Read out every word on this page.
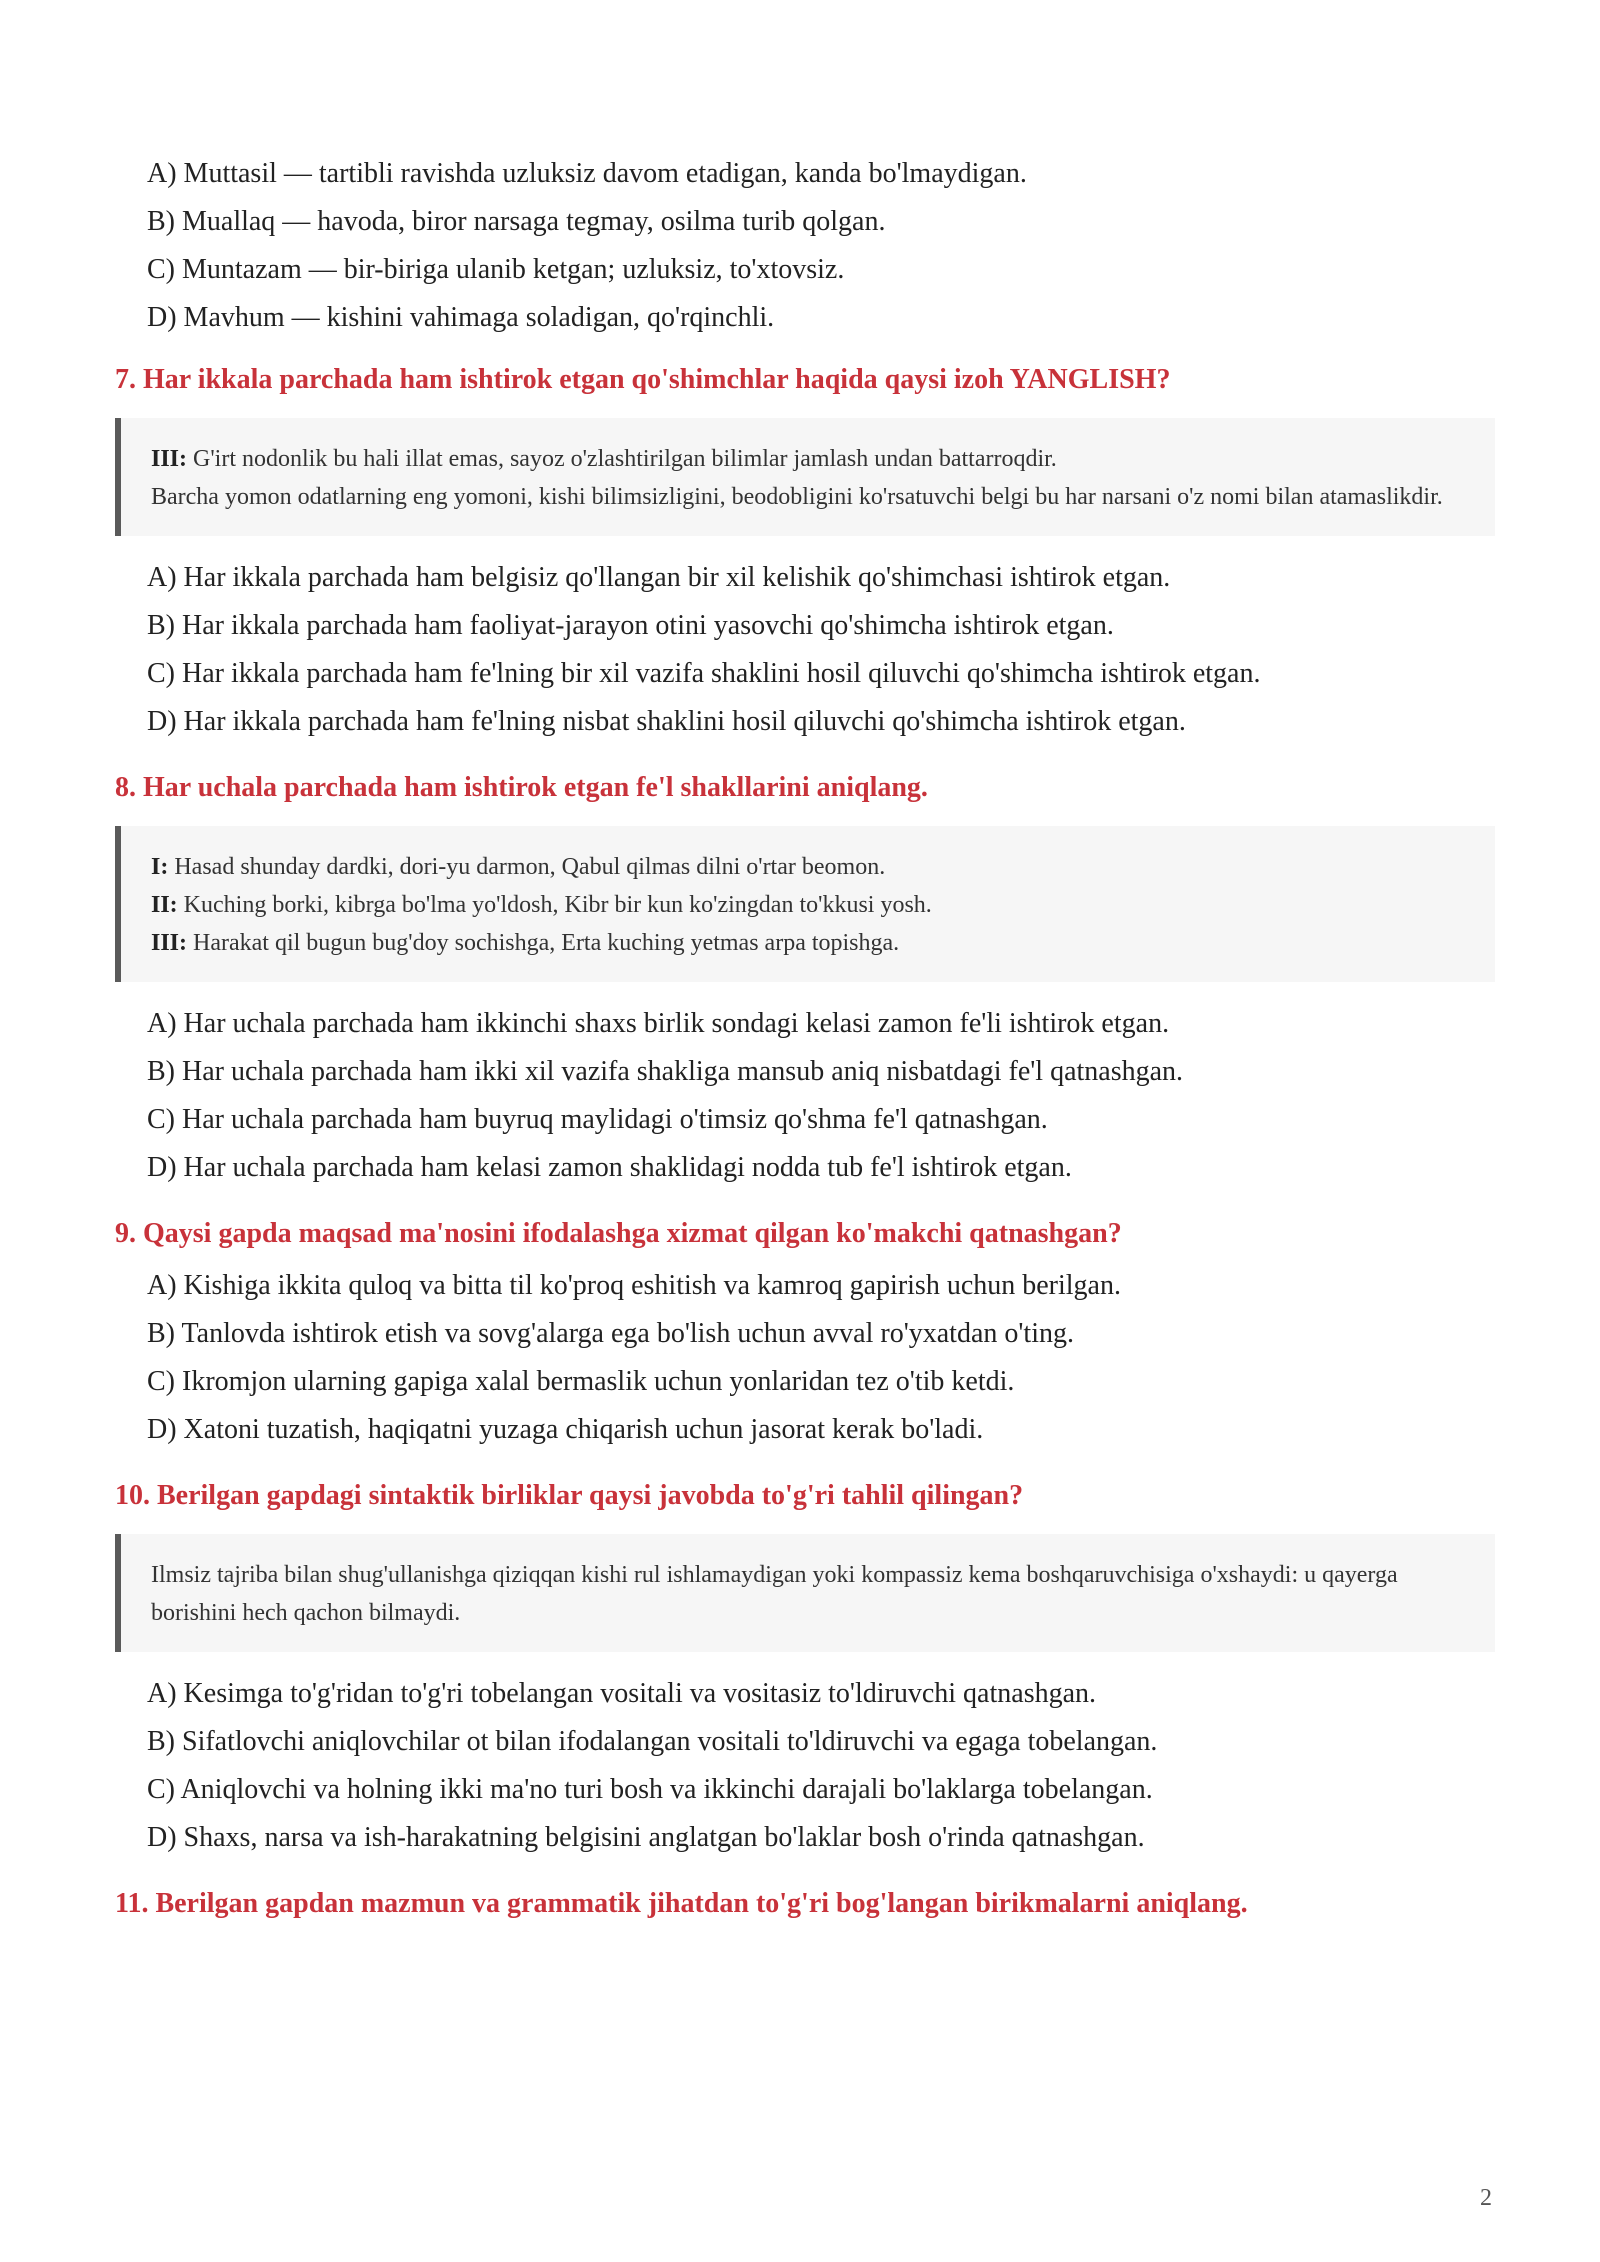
A) Muttasil — tartibli ravishda uzluksiz davom etadigan, kanda bo'lmaydigan.
B) Muallaq — havoda, biror narsaga tegmay, osilma turib qolgan.
C) Muntazam — bir-biriga ulanib ketgan; uzluksiz, to'xtovsiz.
D) Mavhum — kishini vahimaga soladigan, qo'rqinchli.
7. Har ikkala parchada ham ishtirok etgan qo'shimchlar haqida qaysi izoh YANGLISH?
III: G'irt nodonlik bu hali illat emas, sayoz o'zlashtirilgan bilimlar jamlash undan battarroqdir.
Barcha yomon odatlarning eng yomoni, kishi bilimsizligini, beodobligini ko'rsatuvchi belgi bu har narsani o'z nomi bilan atamaslikdir.
A) Har ikkala parchada ham belgisiz qo'llangan bir xil kelishik qo'shimchasi ishtirok etgan.
B) Har ikkala parchada ham faoliyat-jarayon otini yasovchi qo'shimcha ishtirok etgan.
C) Har ikkala parchada ham fe'lning bir xil vazifa shaklini hosil qiluvchi qo'shimcha ishtirok etgan.
D) Har ikkala parchada ham fe'lning nisbat shaklini hosil qiluvchi qo'shimcha ishtirok etgan.
8. Har uchala parchada ham ishtirok etgan fe'l shakllarini aniqlang.
I: Hasad shunday dardki, dori-yu darmon, Qabul qilmas dilni o'rtar beomon.
II: Kuching borki, kibrga bo'lma yo'ldosh, Kibr bir kun ko'zingdan to'kkusi yosh.
III: Harakat qil bugun bug'doy sochishga, Erta kuching yetmas arpa topishga.
A) Har uchala parchada ham ikkinchi shaxs birlik sondagi kelasi zamon fe'li ishtirok etgan.
B) Har uchala parchada ham ikki xil vazifa shakliga mansub aniq nisbatdagi fe'l qatnashgan.
C) Har uchala parchada ham buyruq maylidagi o'timsiz qo'shma fe'l qatnashgan.
D) Har uchala parchada ham kelasi zamon shaklidagi nodda tub fe'l ishtirok etgan.
9. Qaysi gapda maqsad ma'nosini ifodalashga xizmat qilgan ko'makchi qatnashgan?
A) Kishiga ikkita quloq va bitta til ko'proq eshitish va kamroq gapirish uchun berilgan.
B) Tanlovda ishtirok etish va sovg'alarga ega bo'lish uchun avval ro'yxatdan o'ting.
C) Ikromjon ularning gapiga xalal bermaslik uchun yonlaridan tez o'tib ketdi.
D) Xatoni tuzatish, haqiqatni yuzaga chiqarish uchun jasorat kerak bo'ladi.
10. Berilgan gapdagi sintaktik birliklar qaysi javobda to'g'ri tahlil qilingan?
Ilmsiz tajriba bilan shug'ullanishga qiziqqan kishi rul ishlamaydigan yoki kompassiz kema boshqaruvchisiga o'xshaydi: u qayerga borishini hech qachon bilmaydi.
A) Kesimga to'g'ridan to'g'ri tobelangan vositali va vositasiz to'ldiruvchi qatnashgan.
B) Sifatlovchi aniqlovchilar ot bilan ifodalangan vositali to'ldiruvchi va egaga tobelangan.
C) Aniqlovchi va holning ikki ma'no turi bosh va ikkinchi darajali bo'laklarga tobelangan.
D) Shaxs, narsa va ish-harakatning belgisini anglatgan bo'laklar bosh o'rinda qatnashgan.
11. Berilgan gapdan mazmun va grammatik jihatdan to'g'ri bog'langan birikmalarni aniqlang.
2
